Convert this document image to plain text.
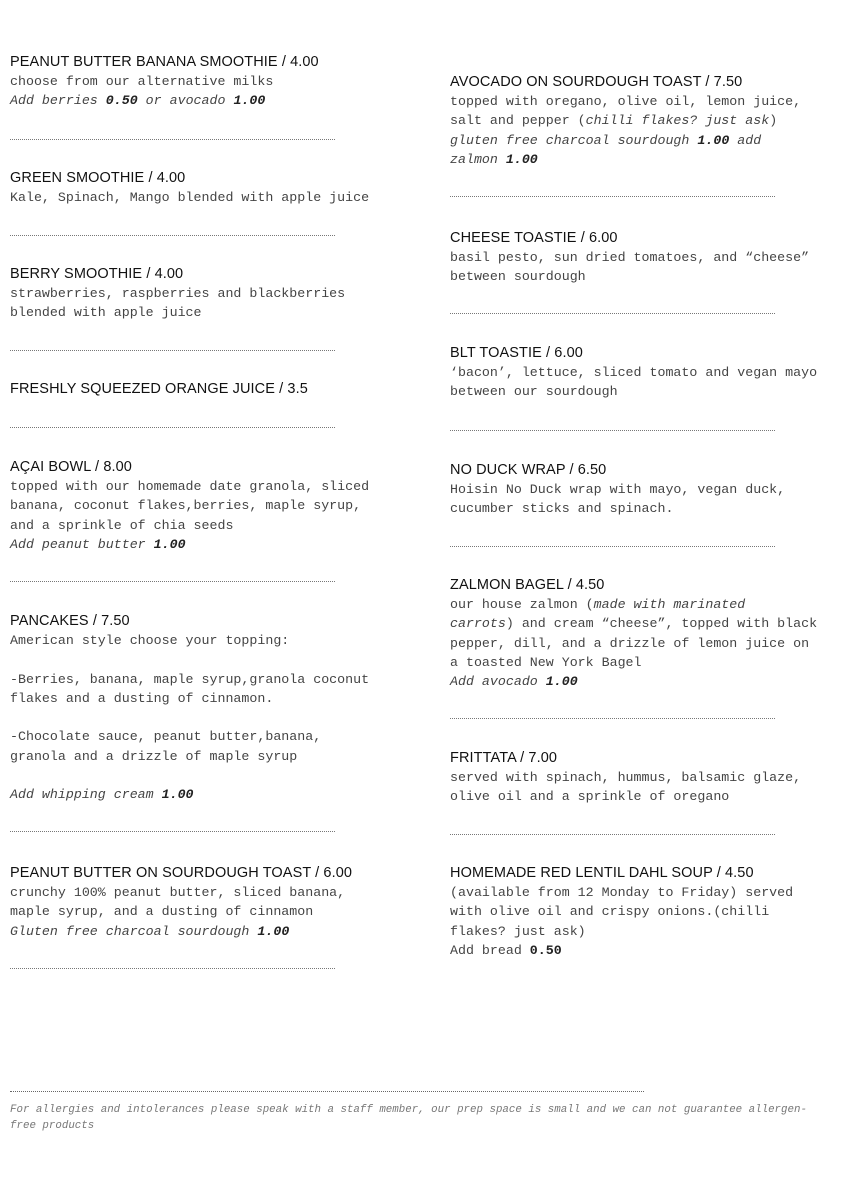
PEANUT BUTTER BANANA SMOOTHIE / 4.00
choose from our alternative milks
Add berries 0.50 or avocado 1.00
GREEN SMOOTHIE / 4.00
Kale, Spinach, Mango blended with apple juice
BERRY SMOOTHIE / 4.00
strawberries, raspberries and blackberries
blended with apple juice
FRESHLY SQUEEZED ORANGE JUICE / 3.5
AÇAI BOWL / 8.00
topped with our homemade date granola, sliced
banana, coconut flakes,berries, maple syrup,
and a sprinkle of chia seeds
Add peanut butter 1.00
PANCAKES / 7.50
American style choose your topping:

-Berries, banana, maple syrup,granola coconut
flakes and a dusting of cinnamon.

-Chocolate sauce, peanut butter,banana,
granola and a drizzle of maple syrup

Add whipping cream 1.00
PEANUT BUTTER ON SOURDOUGH TOAST / 6.00
crunchy 100% peanut butter, sliced banana,
maple syrup, and a dusting of cinnamon
Gluten free charcoal sourdough 1.00
AVOCADO ON SOURDOUGH TOAST / 7.50
topped with oregano, olive oil, lemon juice,
salt and pepper (chilli flakes? just ask)
gluten free charcoal sourdough 1.00 add
zalmon 1.00
CHEESE TOASTIE / 6.00
basil pesto, sun dried tomatoes, and “cheese”
between sourdough
BLT TOASTIE / 6.00
‘bacon’, lettuce, sliced tomato and vegan mayo
between our sourdough
NO DUCK WRAP / 6.50
Hoisin No Duck wrap with mayo, vegan duck,
cucumber sticks and spinach.
ZALMON BAGEL / 4.50
our house zalmon (made with marinated
carrots) and cream “cheese”, topped with black
pepper, dill, and a drizzle of lemon juice on
a toasted New York Bagel
Add avocado 1.00
FRITTATA / 7.00
served with spinach, hummus, balsamic glaze,
olive oil and a sprinkle of oregano
HOMEMADE RED LENTIL DAHL SOUP / 4.50
(available from 12 Monday to Friday) served
with olive oil and crispy onions.(chilli
flakes? just ask)
Add bread 0.50
For allergies and intolerances please speak with a staff member, our prep space is small and we can not guarantee allergen-free products
